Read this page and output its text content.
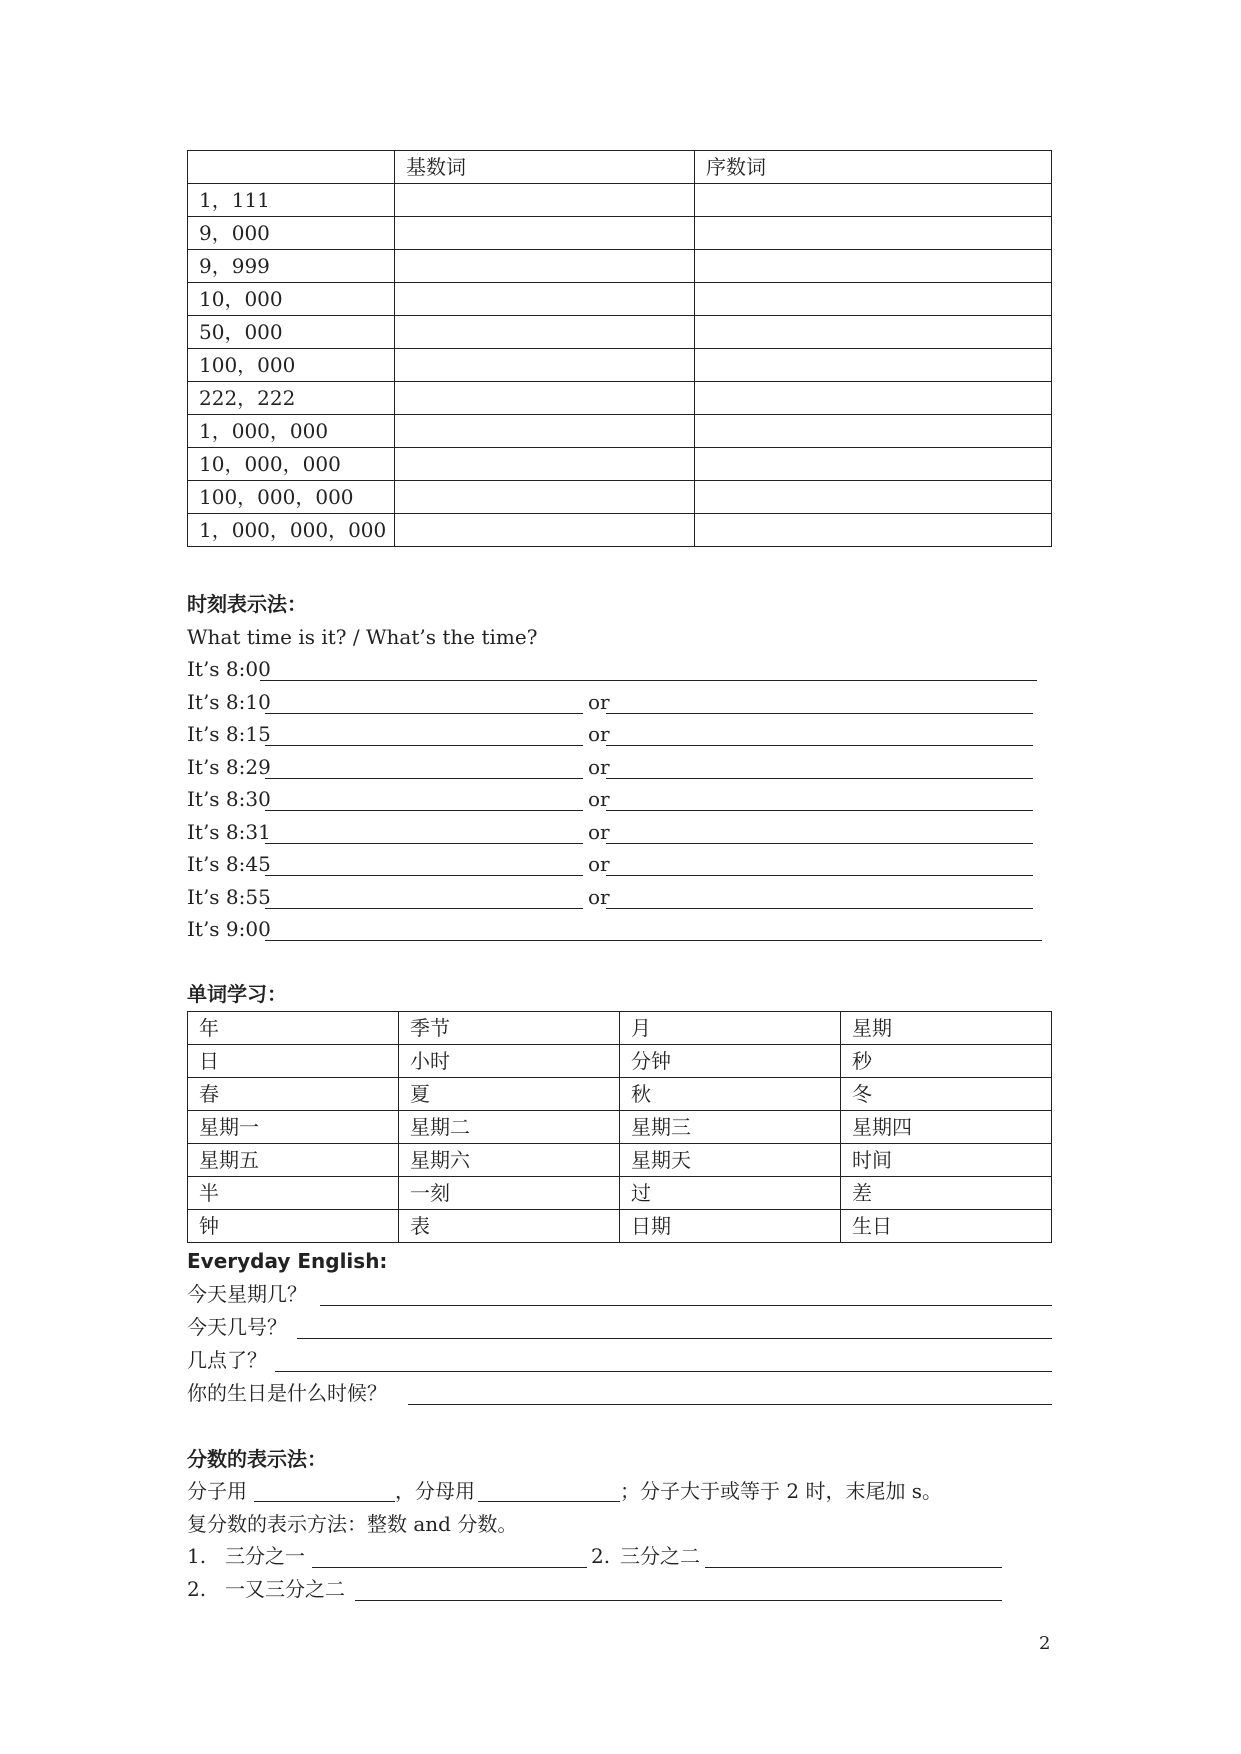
	基数词	序数词
1，111		
9，000		
9，999		
10，000		
50，000		
100，000		
222，222		
1，000，000		
10，000，000		
100，000，000		
1，000，000，000		
时刻表示法：
What time is it? / What’s the time?
It’s 8:00
It’s 8:10	or
It’s 8:15	or
It’s 8:29	or
It’s 8:30	or
It’s 8:31	or
It’s 8:45	or
It’s 8:55	or
It’s 9:00
单词学习：
年	季节	月	星期
日	小时	分钟	秒
春	夏	秋	冬
星期一	星期二	星期三	星期四
星期五	星期六	星期天	时间
半	一刻	过	差
钟	表	日期	生日
Everyday English:
今天星期几？
今天几号？
几点了？
你的生日是什么时候？
分数的表示法：
分子用	，分母用	；分子大于或等于 2 时，末尾加 s。
复分数的表示方法：整数 and 分数。
1. 三分之一	2. 三分之二
2. 一又三分之二
2
